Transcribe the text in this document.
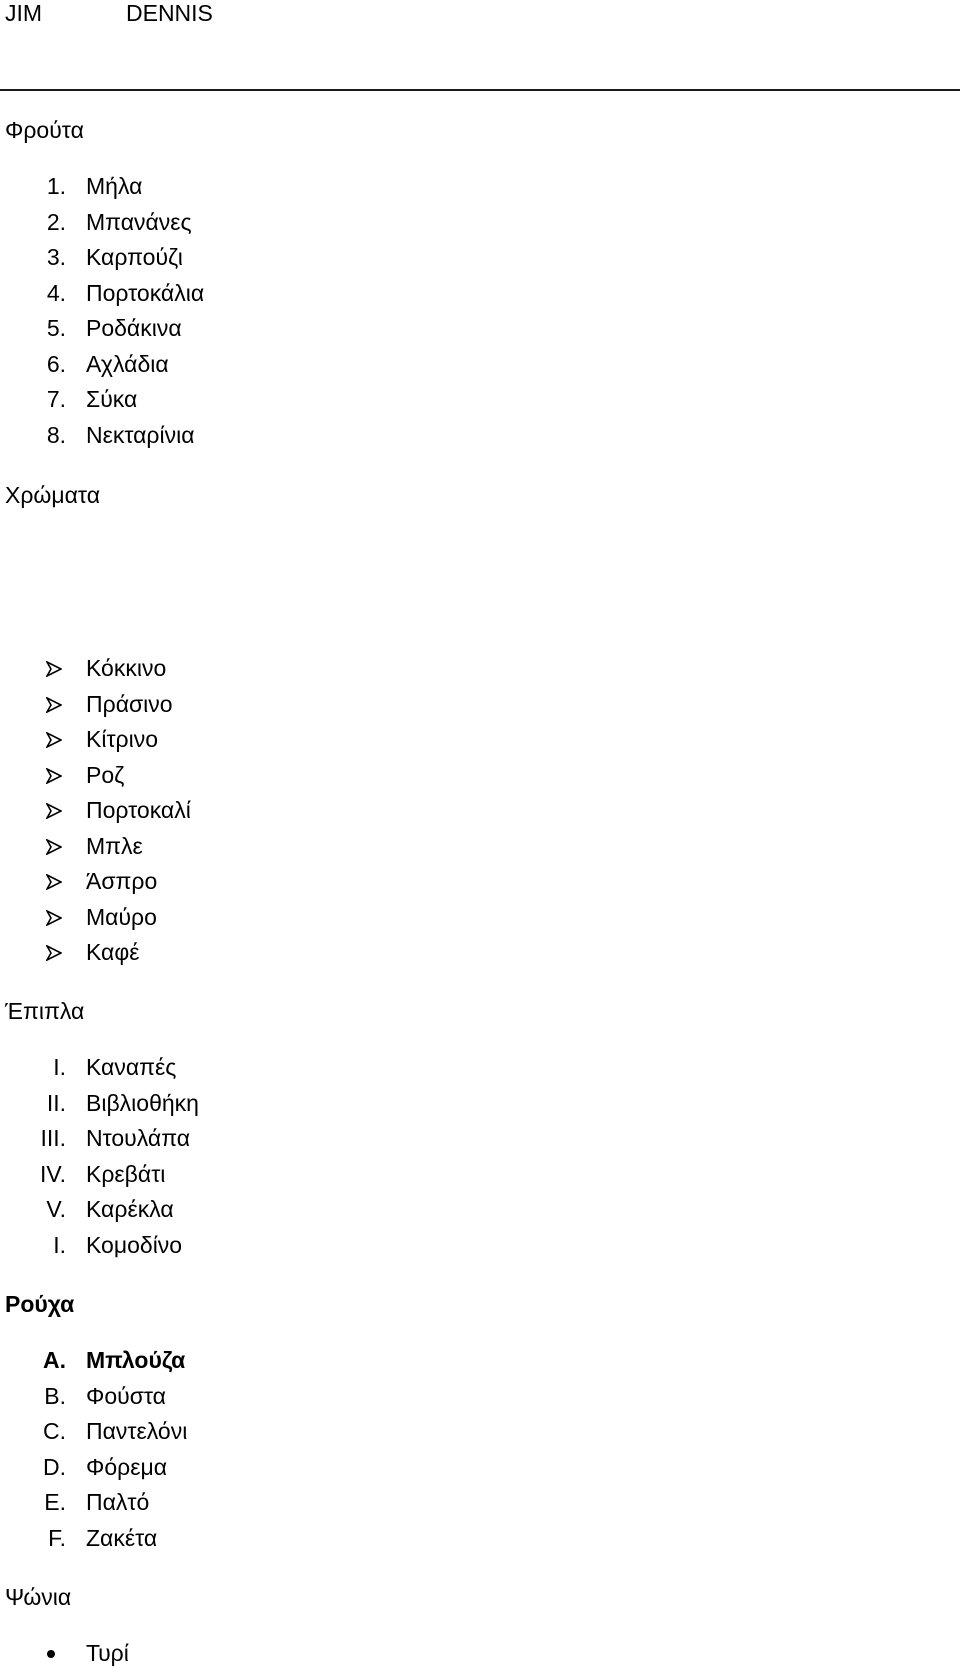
JIM	DENNIS
Φρούτα
1. Μήλα
2. Μπανάνες
3. Καρπούζι
4. Πορτοκάλια
5. Ροδάκινα
6. Αχλάδια
7. Σύκα
8. Νεκταρίνια
Χρώματα
Κόκκινο
Πράσινο
Κίτρινο
Ροζ
Πορτοκαλί
Μπλε
Άσπρο
Μαύρο
Καφέ
Έπιπλα
I. Καναπές
II. Βιβλιοθήκη
III. Ντουλάπα
IV. Κρεβάτι
V. Καρέκλα
I. Κομοδίνο
Ρούχα
A. Μπλούζα
B. Φούστα
C. Παντελόνι
D. Φόρεμα
E. Παλτό
F. Ζακέτα
Ψώνια
Τυρί
